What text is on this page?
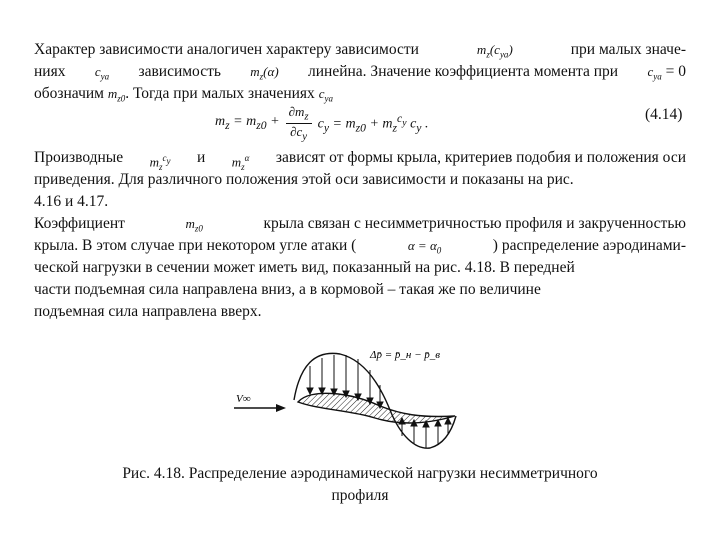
Характер зависимости аналогичен характеру зависимости	$m_z(c_{ya})$	при малых значе-
ниях $c_{ya}$ зависимость $m_z(\alpha)$ линейна. Значение коэффициента момента при $c_{ya} = 0$
обозначим $m_{z0}$. Тогда при малых значениях $c_{ya}$
$m_z = m_{z0} + \frac{\partial m_z}{\partial c_y} c_y = m_{z0} + m_z^{c_y}$ $c_y$ .
(4.14)
Производные $m_z^{c_y}$ и $m_z^\alpha$ зависят от формы крыла, критериев подобия и положения оси
приведения. Для различного положения этой оси зависимости и показаны на рис.
4.16 и 4.17.
Коэффициент	$m_{z0}$	крыла связан с несимметричностью профиля и закрученностью
крыла. В этом случае при некотором угле атаки (	$\alpha = \alpha_0$	) распределение аэродинами-
ческой нагрузки в сечении может иметь вид, показанный на рис. 4.18. В передней
части подъемная сила направлена вниз, а в кормовой – такая же по величине
подъемная сила направлена вверх.
V∞
Δp̄ = p̄_н − p̄_в
Рис. 4.18. Распределение аэродинамической нагрузки несимметричного
профиля
